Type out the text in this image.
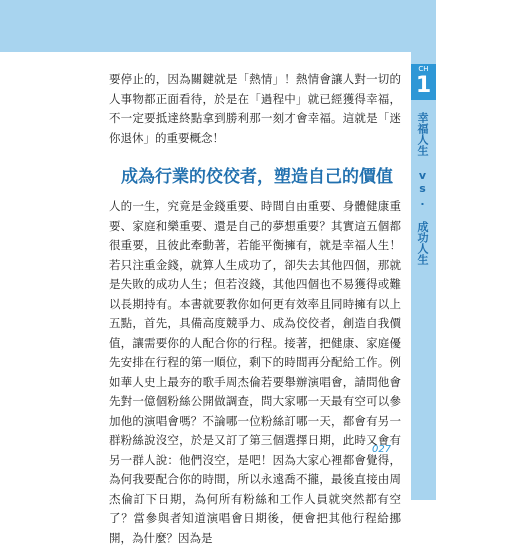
CH
1
幸福人生 vs. 成功人生

要停止的，因為關鍵就是「熱情」！熱情會讓人對一切的人事物都正面看待，於是在「過程中」就已經獲得幸福，不一定要抵達終點拿到勝利那一刻才會幸福。這就是「迷你退休」的重要概念！

成為行業的佼佼者，塑造自己的價值

人的一生，究竟是金錢重要、時間自由重要、身體健康重要、家庭和樂重要、還是自己的夢想重要？其實這五個都很重要，且彼此牽動著，若能平衡擁有，就是幸福人生！若只注重金錢，就算人生成功了，卻失去其他四個，那就是失敗的成功人生；但若沒錢，其他四個也不易獲得或難以長期持有。本書就要教你如何更有效率且同時擁有以上五點，首先，具備高度競爭力、成為佼佼者，創造自我價值，讓需要你的人配合你的行程。接著，把健康、家庭優先安排在行程的第一順位，剩下的時間再分配給工作。例如華人史上最夯的歌手周杰倫若要舉辦演唱會，請問他會先對一億個粉絲公開做調查，問大家哪一天最有空可以參加他的演唱會嗎？不論哪一位粉絲訂哪一天，都會有另一群粉絲說沒空，於是又訂了第三個選擇日期，此時又會有另一群人說：他們沒空，是吧！因為大家心裡都會覺得，為何我要配合你的時間，所以永遠喬不攏，最後直接由周杰倫訂下日期，為何所有粉絲和工作人員就突然都有空了？當參與者知道演唱會日期後，便會把其他行程給挪開，為什麼？因為是

027
